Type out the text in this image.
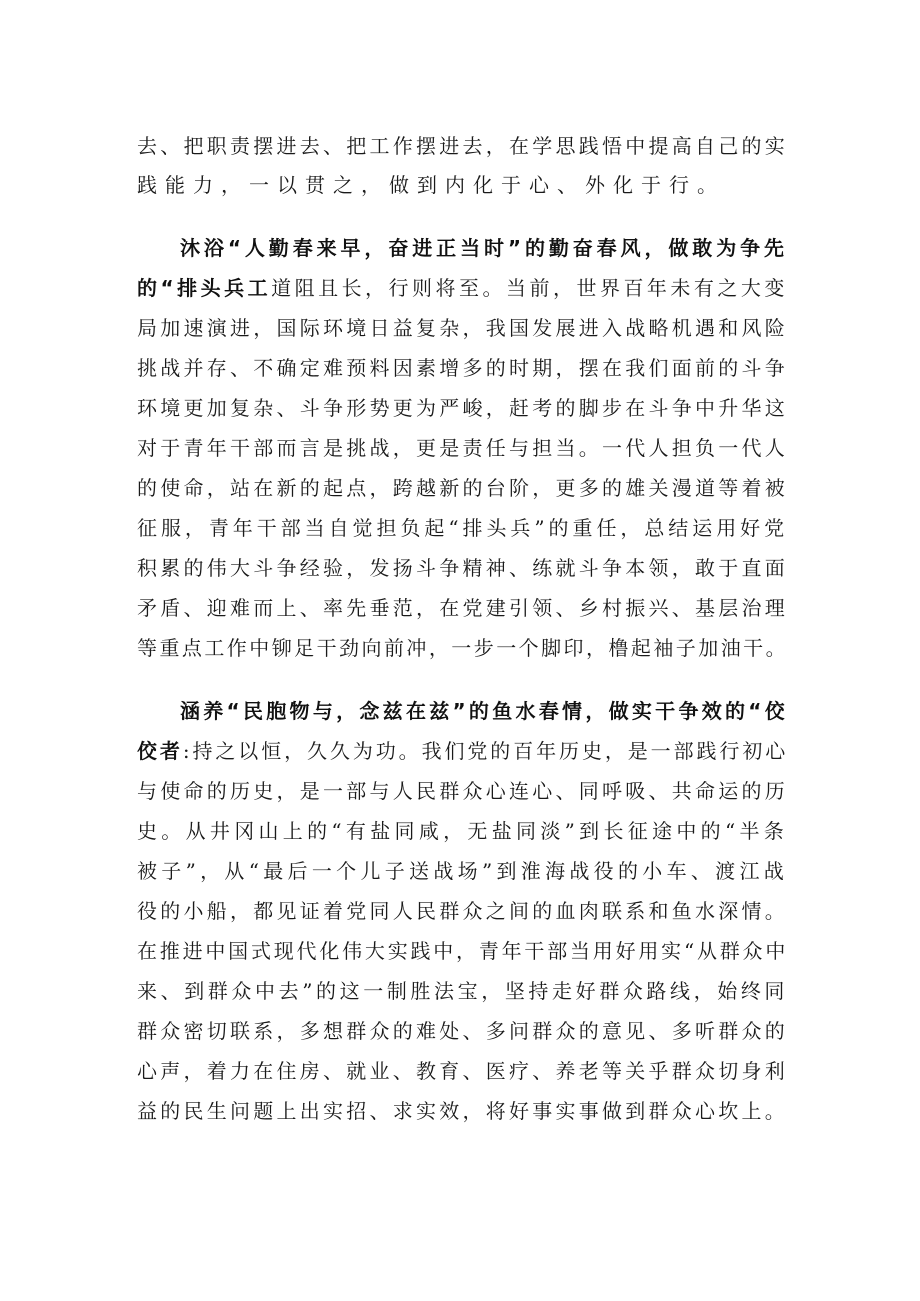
去、把职责摆进去、把工作摆进去，在学思践悟中提高自己的实
践能力，一以贯之，做到内化于心、外化于行。
沐浴“人勤春来早，奋进正当时”的勤奋春风，做敢为争先
的“排头兵工道阻且长，行则将至。当前，世界百年未有之大变
局加速演进，国际环境日益复杂，我国发展进入战略机遇和风险
挑战并存、不确定难预料因素增多的时期，摆在我们面前的斗争
环境更加复杂、斗争形势更为严峻，赶考的脚步在斗争中升华这
对于青年干部而言是挑战，更是责任与担当。一代人担负一代人
的使命，站在新的起点，跨越新的台阶，更多的雄关漫道等着被
征服，青年干部当自觉担负起“排头兵”的重任，总结运用好党
积累的伟大斗争经验，发扬斗争精神、练就斗争本领，敢于直面
矛盾、迎难而上、率先垂范，在党建引领、乡村振兴、基层治理
等重点工作中铆足干劲向前冲，一步一个脚印，橹起袖子加油干。
涵养“民胞物与，念兹在兹”的鱼水春情，做实干争效的“佼
佼者:持之以恒，久久为功。我们党的百年历史，是一部践行初心
与使命的历史，是一部与人民群众心连心、同呼吸、共命运的历
史。从井冈山上的“有盐同咸，无盐同淡”到长征途中的“半条
被子”，从“最后一个儿子送战场”到淮海战役的小车、渡江战
役的小船，都见证着党同人民群众之间的血肉联系和鱼水深情。
在推进中国式现代化伟大实践中，青年干部当用好用实“从群众中
来、到群众中去”的这一制胜法宝，坚持走好群众路线，始终同
群众密切联系，多想群众的难处、多问群众的意见、多听群众的
心声，着力在住房、就业、教育、医疗、养老等关乎群众切身利
益的民生问题上出实招、求实效，将好事实事做到群众心坎上。
